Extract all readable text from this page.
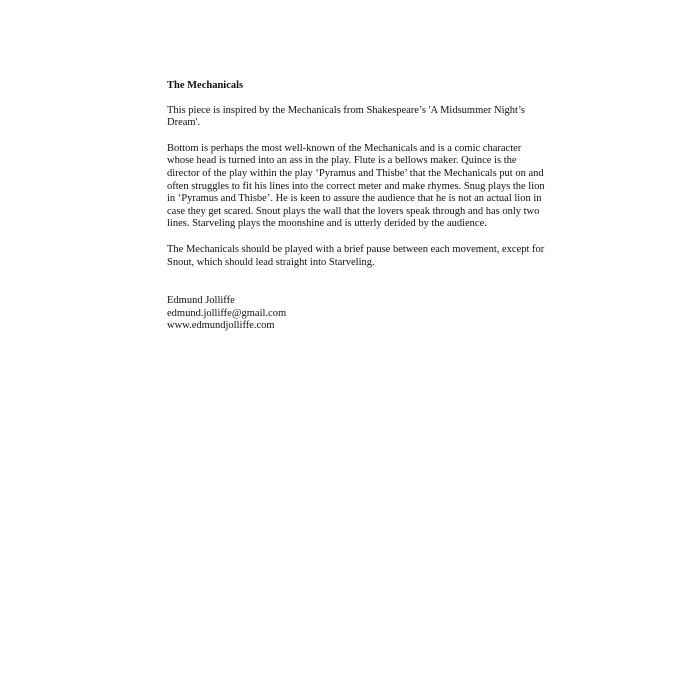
The Mechanicals

This piece is inspired by the Mechanicals from Shakespeare’s 'A Midsummer Night’s Dream'.

Bottom is perhaps the most well-known of the Mechanicals and is a comic character whose head is turned into an ass in the play. Flute is a bellows maker. Quince is the director of the play within the play ‘Pyramus and Thisbe’ that the Mechanicals put on and often struggles to fit his lines into the correct meter and make rhymes. Snug plays the lion in ‘Pyramus and Thisbe’. He is keen to assure the audience that he is not an actual lion in case they get scared. Snout plays the wall that the lovers speak through and has only two lines. Starveling plays the moonshine and is utterly derided by the audience.

The Mechanicals should be played with a brief pause between each movement, except for Snout, which should lead straight into Starveling.

Edmund Jolliffe
edmund.jolliffe@gmail.com
www.edmundjolliffe.com
